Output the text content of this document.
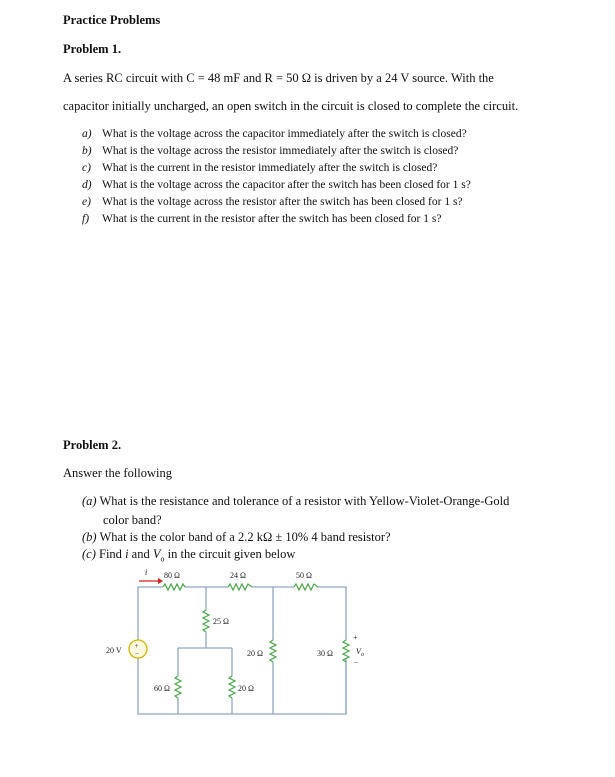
Practice Problems
Problem 1.
A series RC circuit with C = 48 mF and R = 50 Ω is driven by a 24 V source. With the
capacitor initially uncharged, an open switch in the circuit is closed to complete the circuit.
a) What is the voltage across the capacitor immediately after the switch is closed?
b) What is the voltage across the resistor immediately after the switch is closed?
c) What is the current in the resistor immediately after the switch is closed?
d) What is the voltage across the capacitor after the switch has been closed for 1 s?
e) What is the voltage across the resistor after the switch has been closed for 1 s?
f) What is the current in the resistor after the switch has been closed for 1 s?
Problem 2.
Answer the following
(a) What is the resistance and tolerance of a resistor with Yellow-Violet-Orange-Gold
color band?
(b) What is the color band of a 2.2 kΩ ± 10% 4 band resistor?
(c) Find i and $V_o$ in the circuit given below
+
−
i 80 Ω	24 Ω	50 Ω
25 Ω
20 V	20 Ω	30 Ω
60 Ω	20 Ω
+
V o
−
